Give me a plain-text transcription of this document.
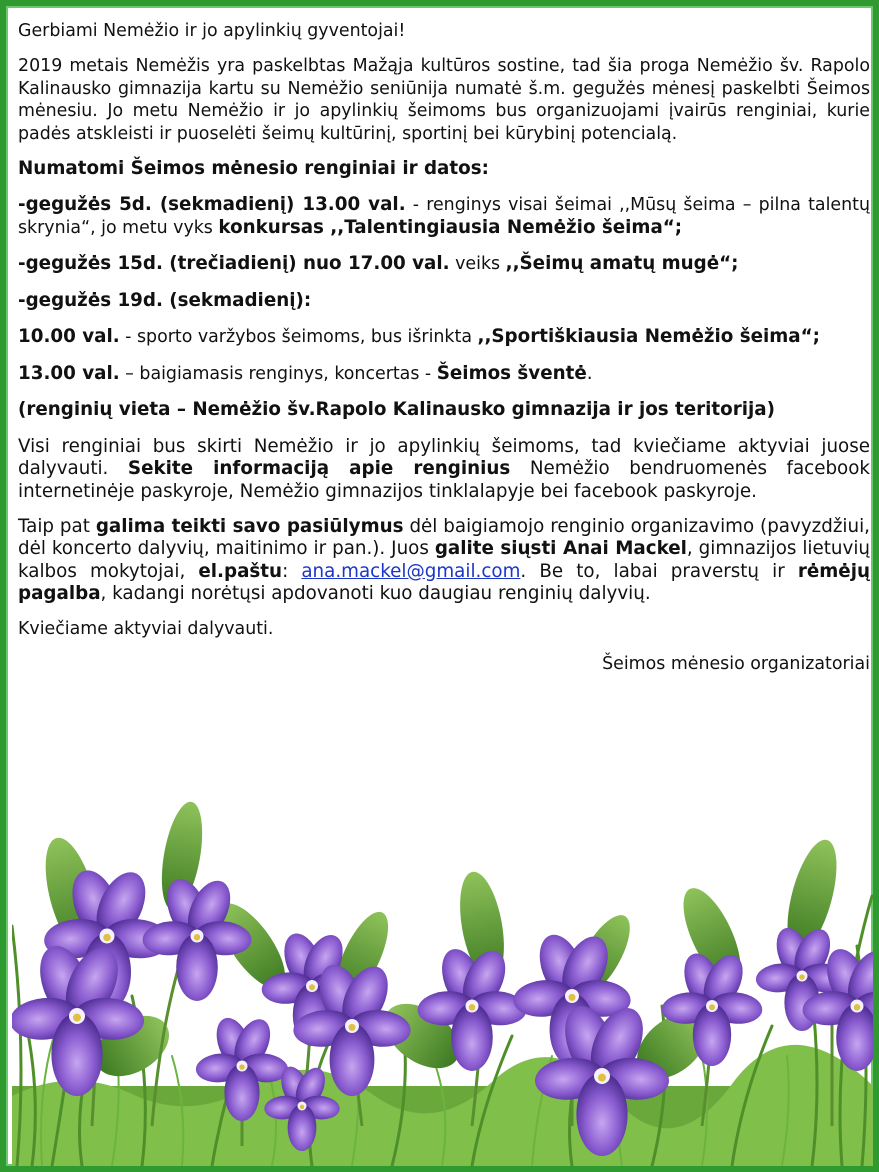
Gerbiami Nemėžio ir jo apylinkių gyventojai!

2019 metais Nemėžis yra paskelbtas Mažąja kultūros sostine, tad šia proga Nemėžio šv. Rapolo Kalinausko gimnazija kartu su Nemėžio seniūnija numatė š.m. gegužės mėnesį paskelbti Šeimos mėnesiu. Jo metu Nemėžio ir jo apylinkių šeimoms bus organizuojami įvairūs renginiai, kurie padės atskleisti ir puoselėti šeimų kultūrinį, sportinį bei kūrybinį potencialą.

Numatomi Šeimos mėnesio renginiai ir datos:

-gegužės 5d. (sekmadienį) 13.00 val. - renginys visai šeimai ,,Mūsų šeima – pilna talentų skrynia“, jo metu vyks konkursas ,,Talentingiausia Nemėžio šeima“;

-gegužės 15d. (trečiadienį) nuo 17.00 val. veiks ,,Šeimų amatų mugė“;

-gegužės 19d. (sekmadienį):

10.00 val. - sporto varžybos šeimoms, bus išrinkta ,,Sportiškiausia Nemėžio šeima“;

13.00 val. – baigiamasis renginys, koncertas - Šeimos šventė.

(renginių vieta – Nemėžio šv.Rapolo Kalinausko gimnazija ir jos teritorija)

Visi renginiai bus skirti Nemėžio ir jo apylinkių šeimoms, tad kviečiame aktyviai juose dalyvauti. Sekite informaciją apie renginius Nemėžio bendruomenės facebook internetinėje paskyroje, Nemėžio gimnazijos tinklalapyje bei facebook paskyroje.

Taip pat galima teikti savo pasiūlymus dėl baigiamojo renginio organizavimo (pavyzdžiui, dėl koncerto dalyvių, maitinimo ir pan.). Juos galite siųsti Anai Mackel, gimnazijos lietuvių kalbos mokytojai, el.paštu: ana.mackel@gmail.com. Be to, labai praverstų ir rėmėjų pagalba, kadangi norėtųsi apdovanoti kuo daugiau renginių dalyvių.

Kviečiame aktyviai dalyvauti.

Šeimos mėnesio organizatoriai
